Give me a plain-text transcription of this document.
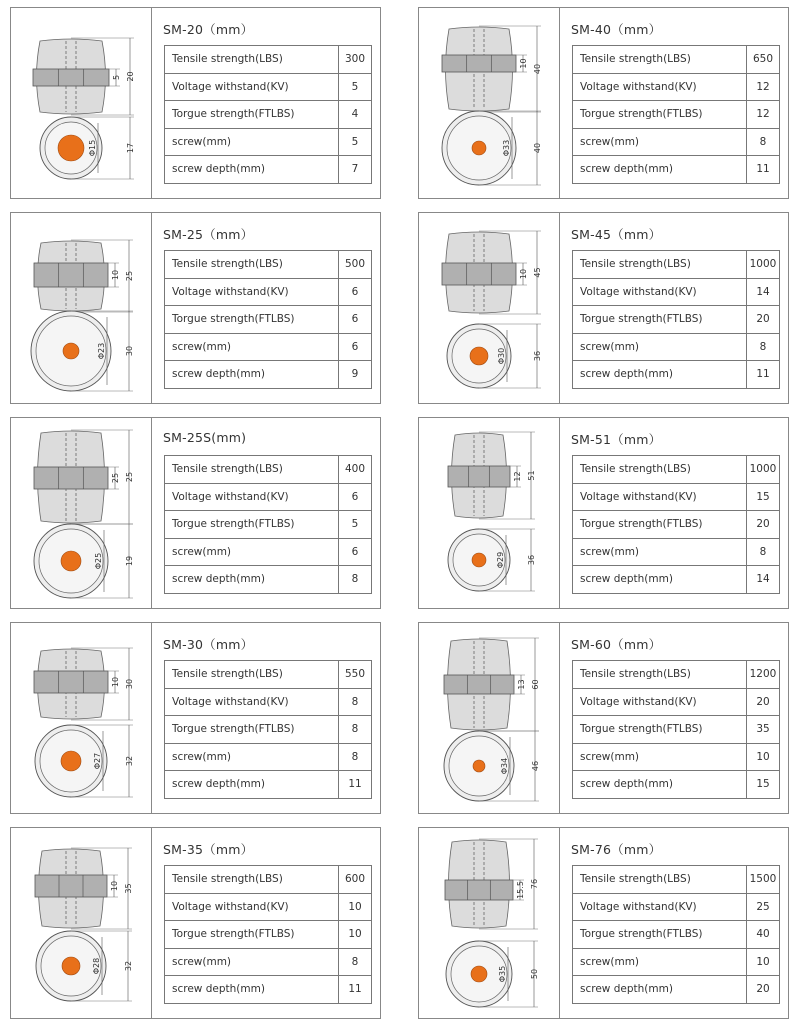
5 20
Φ15	17
SM-20（mm）
Tensile strength(LBS)	300
Voltage withstand(KV)	5
Torgue strength(FTLBS)	4
screw(mm)	5
screw depth(mm)	7
10
40
Φ33	40
SM-40（mm）
Tensile strength(LBS)	650
Voltage withstand(KV)	12
Torgue strength(FTLBS)	12
screw(mm)	8
screw depth(mm)	11
10 25
Φ23 30
SM-25（mm）
Tensile strength(LBS)	500
Voltage withstand(KV)	6
Torgue strength(FTLBS)	6
screw(mm)	6
screw depth(mm)	9
10 45
Φ30	36
SM-45（mm）
Tensile strength(LBS)	1000
Voltage withstand(KV)	14
Torgue strength(FTLBS)	20
screw(mm)	8
screw depth(mm)	11
25 25
Φ25	19
SM-25S(mm)
Tensile strength(LBS)	400
Voltage withstand(KV)	6
Torgue strength(FTLBS)	5
screw(mm)	6
screw depth(mm)	8
12 51
Φ29	36
SM-51（mm）
Tensile strength(LBS)	1000
Voltage withstand(KV)	15
Torgue strength(FTLBS)	20
screw(mm)	8
screw depth(mm)	14
10 30
Φ27	32
SM-30（mm）
Tensile strength(LBS)	550
Voltage withstand(KV)	8
Torgue strength(FTLBS)	8
screw(mm)	8
screw depth(mm)	11
13 60
Φ34	46
SM-60（mm）
Tensile strength(LBS)	1200
Voltage withstand(KV)	20
Torgue strength(FTLBS)	35
screw(mm)	10
screw depth(mm)	15
10 35
Φ28	32
SM-35（mm）
Tensile strength(LBS)	600
Voltage withstand(KV)	10
Torgue strength(FTLBS)	10
screw(mm)	8
screw depth(mm)	11
15.5 76
Φ35	50
SM-76（mm）
Tensile strength(LBS)	1500
Voltage withstand(KV)	25
Torgue strength(FTLBS)	40
screw(mm)	10
screw depth(mm)	20
